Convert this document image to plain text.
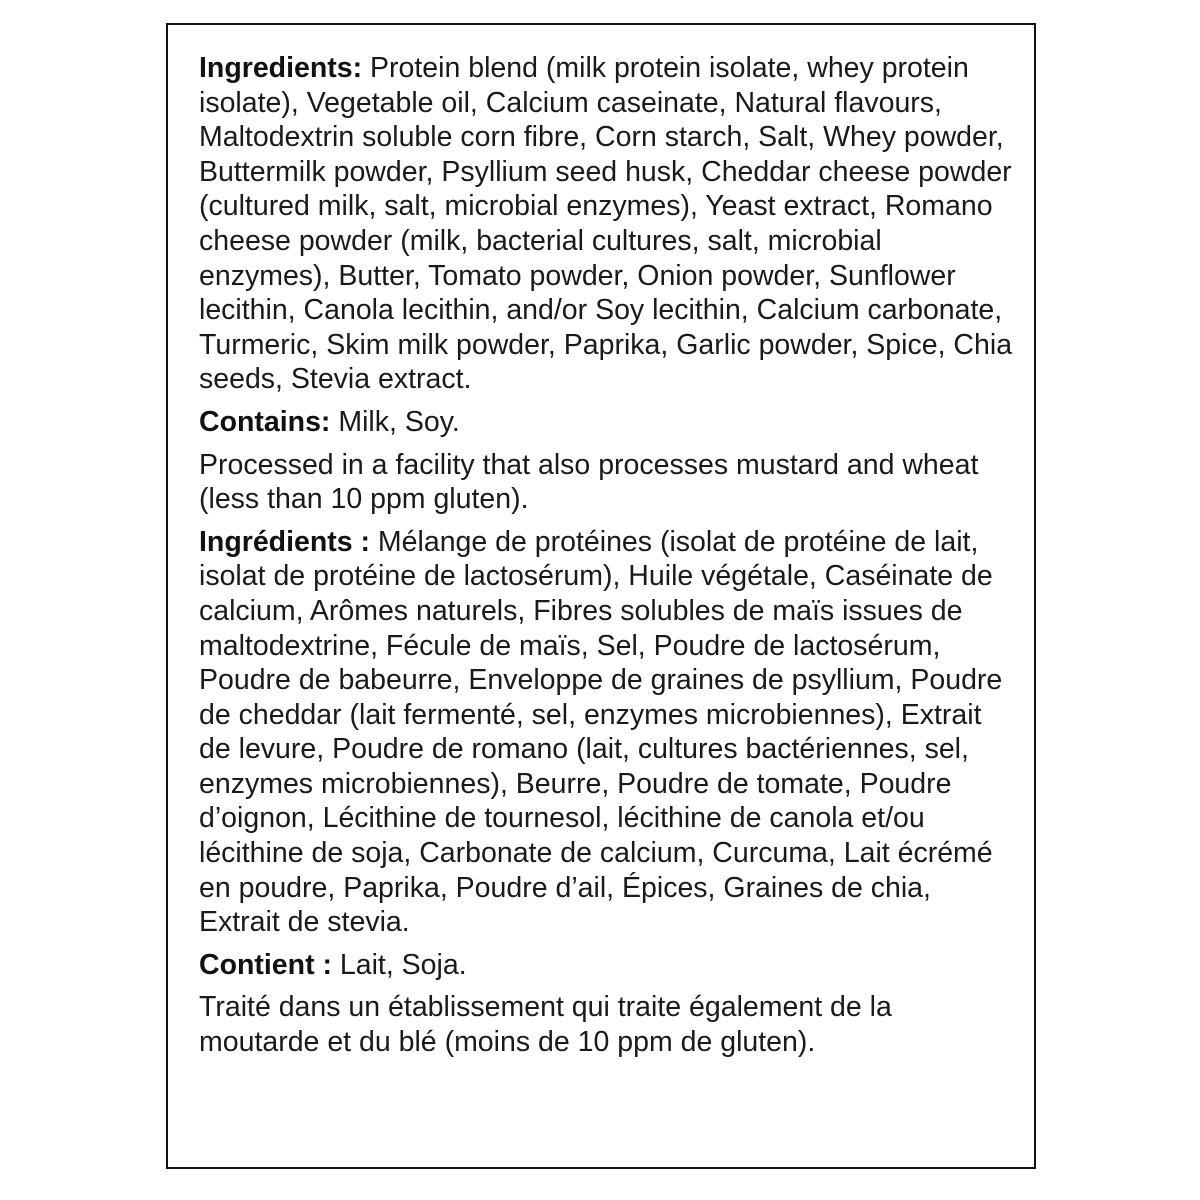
Ingredients: Protein blend (milk protein isolate, whey protein isolate), Vegetable oil, Calcium caseinate, Natural flavours, Maltodextrin soluble corn fibre, Corn starch, Salt, Whey powder, Buttermilk powder, Psyllium seed husk, Cheddar cheese powder (cultured milk, salt, microbial enzymes), Yeast extract, Romano cheese powder (milk, bacterial cultures, salt, microbial enzymes), Butter, Tomato powder, Onion powder, Sunflower lecithin, Canola lecithin, and/or Soy lecithin, Calcium carbonate, Turmeric, Skim milk powder, Paprika, Garlic powder, Spice, Chia seeds, Stevia extract.

Contains: Milk, Soy.

Processed in a facility that also processes mustard and wheat (less than 10 ppm gluten).

Ingrédients : Mélange de protéines (isolat de protéine de lait, isolat de protéine de lactosérum), Huile végétale, Caséinate de calcium, Arômes naturels, Fibres solubles de maïs issues de maltodextrine, Fécule de maïs, Sel, Poudre de lactosérum, Poudre de babeurre, Enveloppe de graines de psyllium, Poudre de cheddar (lait fermenté, sel, enzymes microbiennes), Extrait de levure, Poudre de romano (lait, cultures bactériennes, sel, enzymes microbiennes), Beurre, Poudre de tomate, Poudre d’oignon, Lécithine de tournesol, lécithine de canola et/ou lécithine de soja, Carbonate de calcium, Curcuma, Lait écrémé en poudre, Paprika, Poudre d’ail, Épices, Graines de chia, Extrait de stevia.

Contient : Lait, Soja.

Traité dans un établissement qui traite également de la moutarde et du blé (moins de 10 ppm de gluten).
